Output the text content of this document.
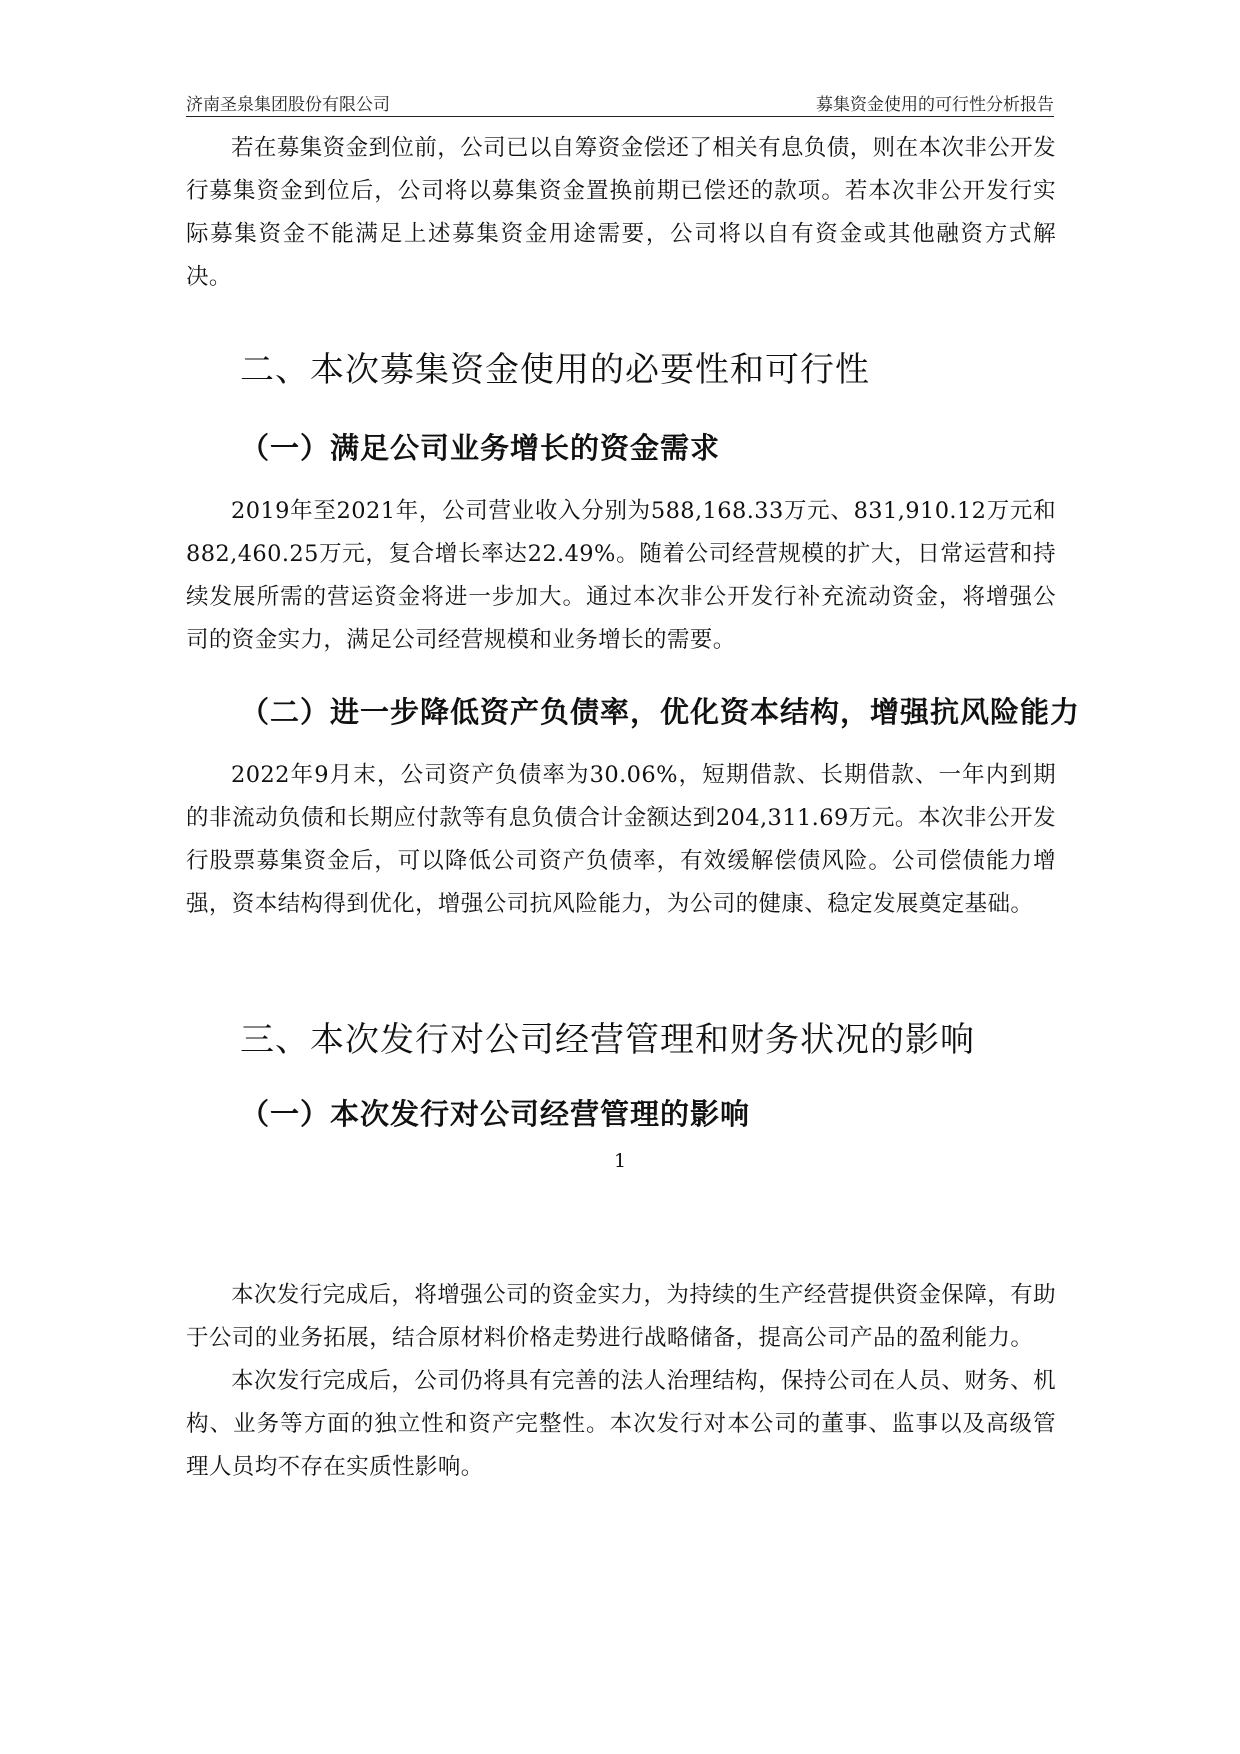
济南圣泉集团股份有限公司	募集资金使用的可行性分析报告

若在募集资金到位前，公司已以自筹资金偿还了相关有息负债，则在本次非公开发行募集资金到位后，公司将以募集资金置换前期已偿还的款项。若本次非公开发行实际募集资金不能满足上述募集资金用途需要，公司将以自有资金或其他融资方式解决。

二、本次募集资金使用的必要性和可行性
（一）满足公司业务增长的资金需求

2019年至2021年，公司营业收入分别为588,168.33万元、831,910.12万元和882,460.25万元，复合增长率达22.49%。随着公司经营规模的扩大，日常运营和持续发展所需的营运资金将进一步加大。通过本次非公开发行补充流动资金，将增强公司的资金实力，满足公司经营规模和业务增长的需要。

（二）进一步降低资产负债率，优化资本结构，增强抗风险能力

2022年9月末，公司资产负债率为30.06%，短期借款、长期借款、一年内到期的非流动负债和长期应付款等有息负债合计金额达到204,311.69万元。本次非公开发行股票募集资金后，可以降低公司资产负债率，有效缓解偿债风险。公司偿债能力增强，资本结构得到优化，增强公司抗风险能力，为公司的健康、稳定发展奠定基础。

三、本次发行对公司经营管理和财务状况的影响
（一）本次发行对公司经营管理的影响
1

本次发行完成后，将增强公司的资金实力，为持续的生产经营提供资金保障，有助于公司的业务拓展，结合原材料价格走势进行战略储备，提高公司产品的盈利能力。

本次发行完成后，公司仍将具有完善的法人治理结构，保持公司在人员、财务、机构、业务等方面的独立性和资产完整性。本次发行对本公司的董事、监事以及高级管理人员均不存在实质性影响。
